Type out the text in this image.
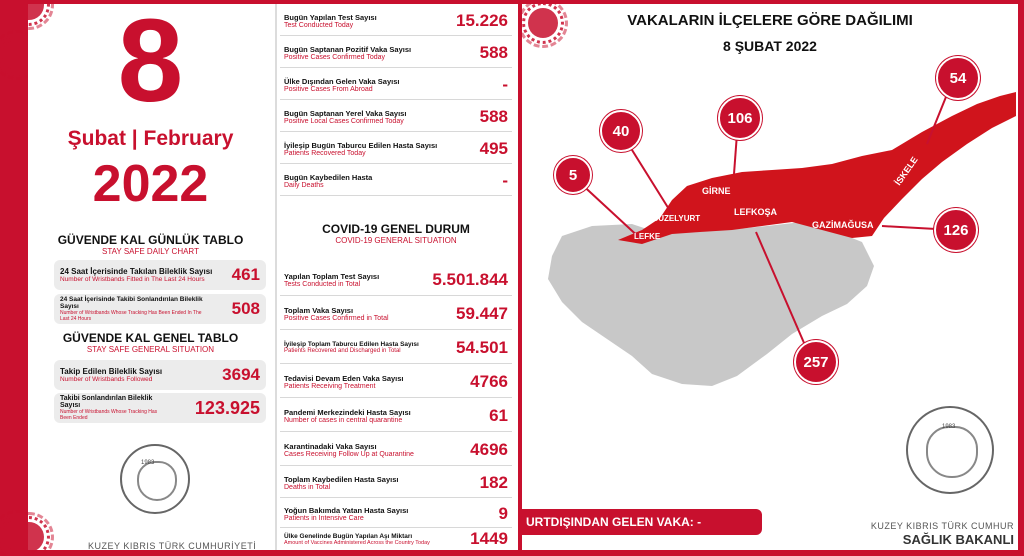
8
Şubat | February
2022
GÜVENDE KAL GÜNLÜK TABLO
STAY SAFE DAILY CHART
24 Saat İçerisinde Takılan Bileklik Sayısı
Number of Wristbands Fitted in The Last 24 Hours	461
24 Saat İçerisinde Takibi Sonlandırılan Bileklik Sayısı
Number of Wristbands Whose Tracking Has Been Ended In The Last 24 Hours
508
GÜVENDE KAL GENEL TABLO
STAY SAFE GENERAL SITUATION
Takip Edilen Bileklik Sayısı
Number of Wristbands Followed	3694
Takibi Sonlandırılan Bileklik Sayısı
Number of Wristbands Whose Tracking Has Been Ended
123.925
1983
Bugün Yapılan Test Sayısı
Test Conducted Today	15.226
Bugün Saptanan Pozitif Vaka Sayısı
Positive Cases Confirmed Today	588
Ülke Dışından Gelen Vaka Sayısı
Positive Cases From Abroad	-
Bugün Saptanan Yerel Vaka Sayısı
Positive Local Cases Confirmed Today	588
İyileşip Bugün Taburcu Edilen Hasta Sayısı
Patients Recovered Today	495
Bugün Kaybedilen Hasta
Daily Deaths	-
COVID-19 GENEL DURUM
COVID-19 GENERAL SITUATION
Yapılan Toplam Test Sayısı
Tests Conducted in Total	5.501.844
Toplam Vaka Sayısı
Positive Cases Confirmed in Total	59.447
İyileşip Toplam Taburcu Edilen Hasta Sayısı
Patients Recovered and Discharged in Total	54.501
Tedavisi Devam Eden Vaka Sayısı
Patients Receiving Treatment	4766
Pandemi Merkezindeki Hasta Sayısı
Number of cases in central quarantine	61
Karantinadaki Vaka Sayısı
Cases Receiving Follow Up at Quarantine	4696
Toplam Kaybedilen Hasta Sayısı
Deaths in Total	182
Yoğun Bakımda Yatan Hasta Sayısı
Patients in Intensive Care	9
Ülke Genelinde Bugün Yapılan Aşı Miktarı
Amount of Vaccines Administered Across the Country Today 1449
KUZEY KIBRIS TÜRK CUMHURİYETİ
VAKALARIN İLÇELERE GÖRE DAĞILIMI
8 ŞUBAT 2022
LEFKE
GÜZELYURT
GİRNE
İSKELE
GAZİMAĞUSA
LEFKOŞA
5
40
106
54
126
257
URTDIŞINDAN GELEN VAKA: -
1983
KUZEY KIBRIS TÜRK CUMHUR
SAĞLIK BAKANLI
